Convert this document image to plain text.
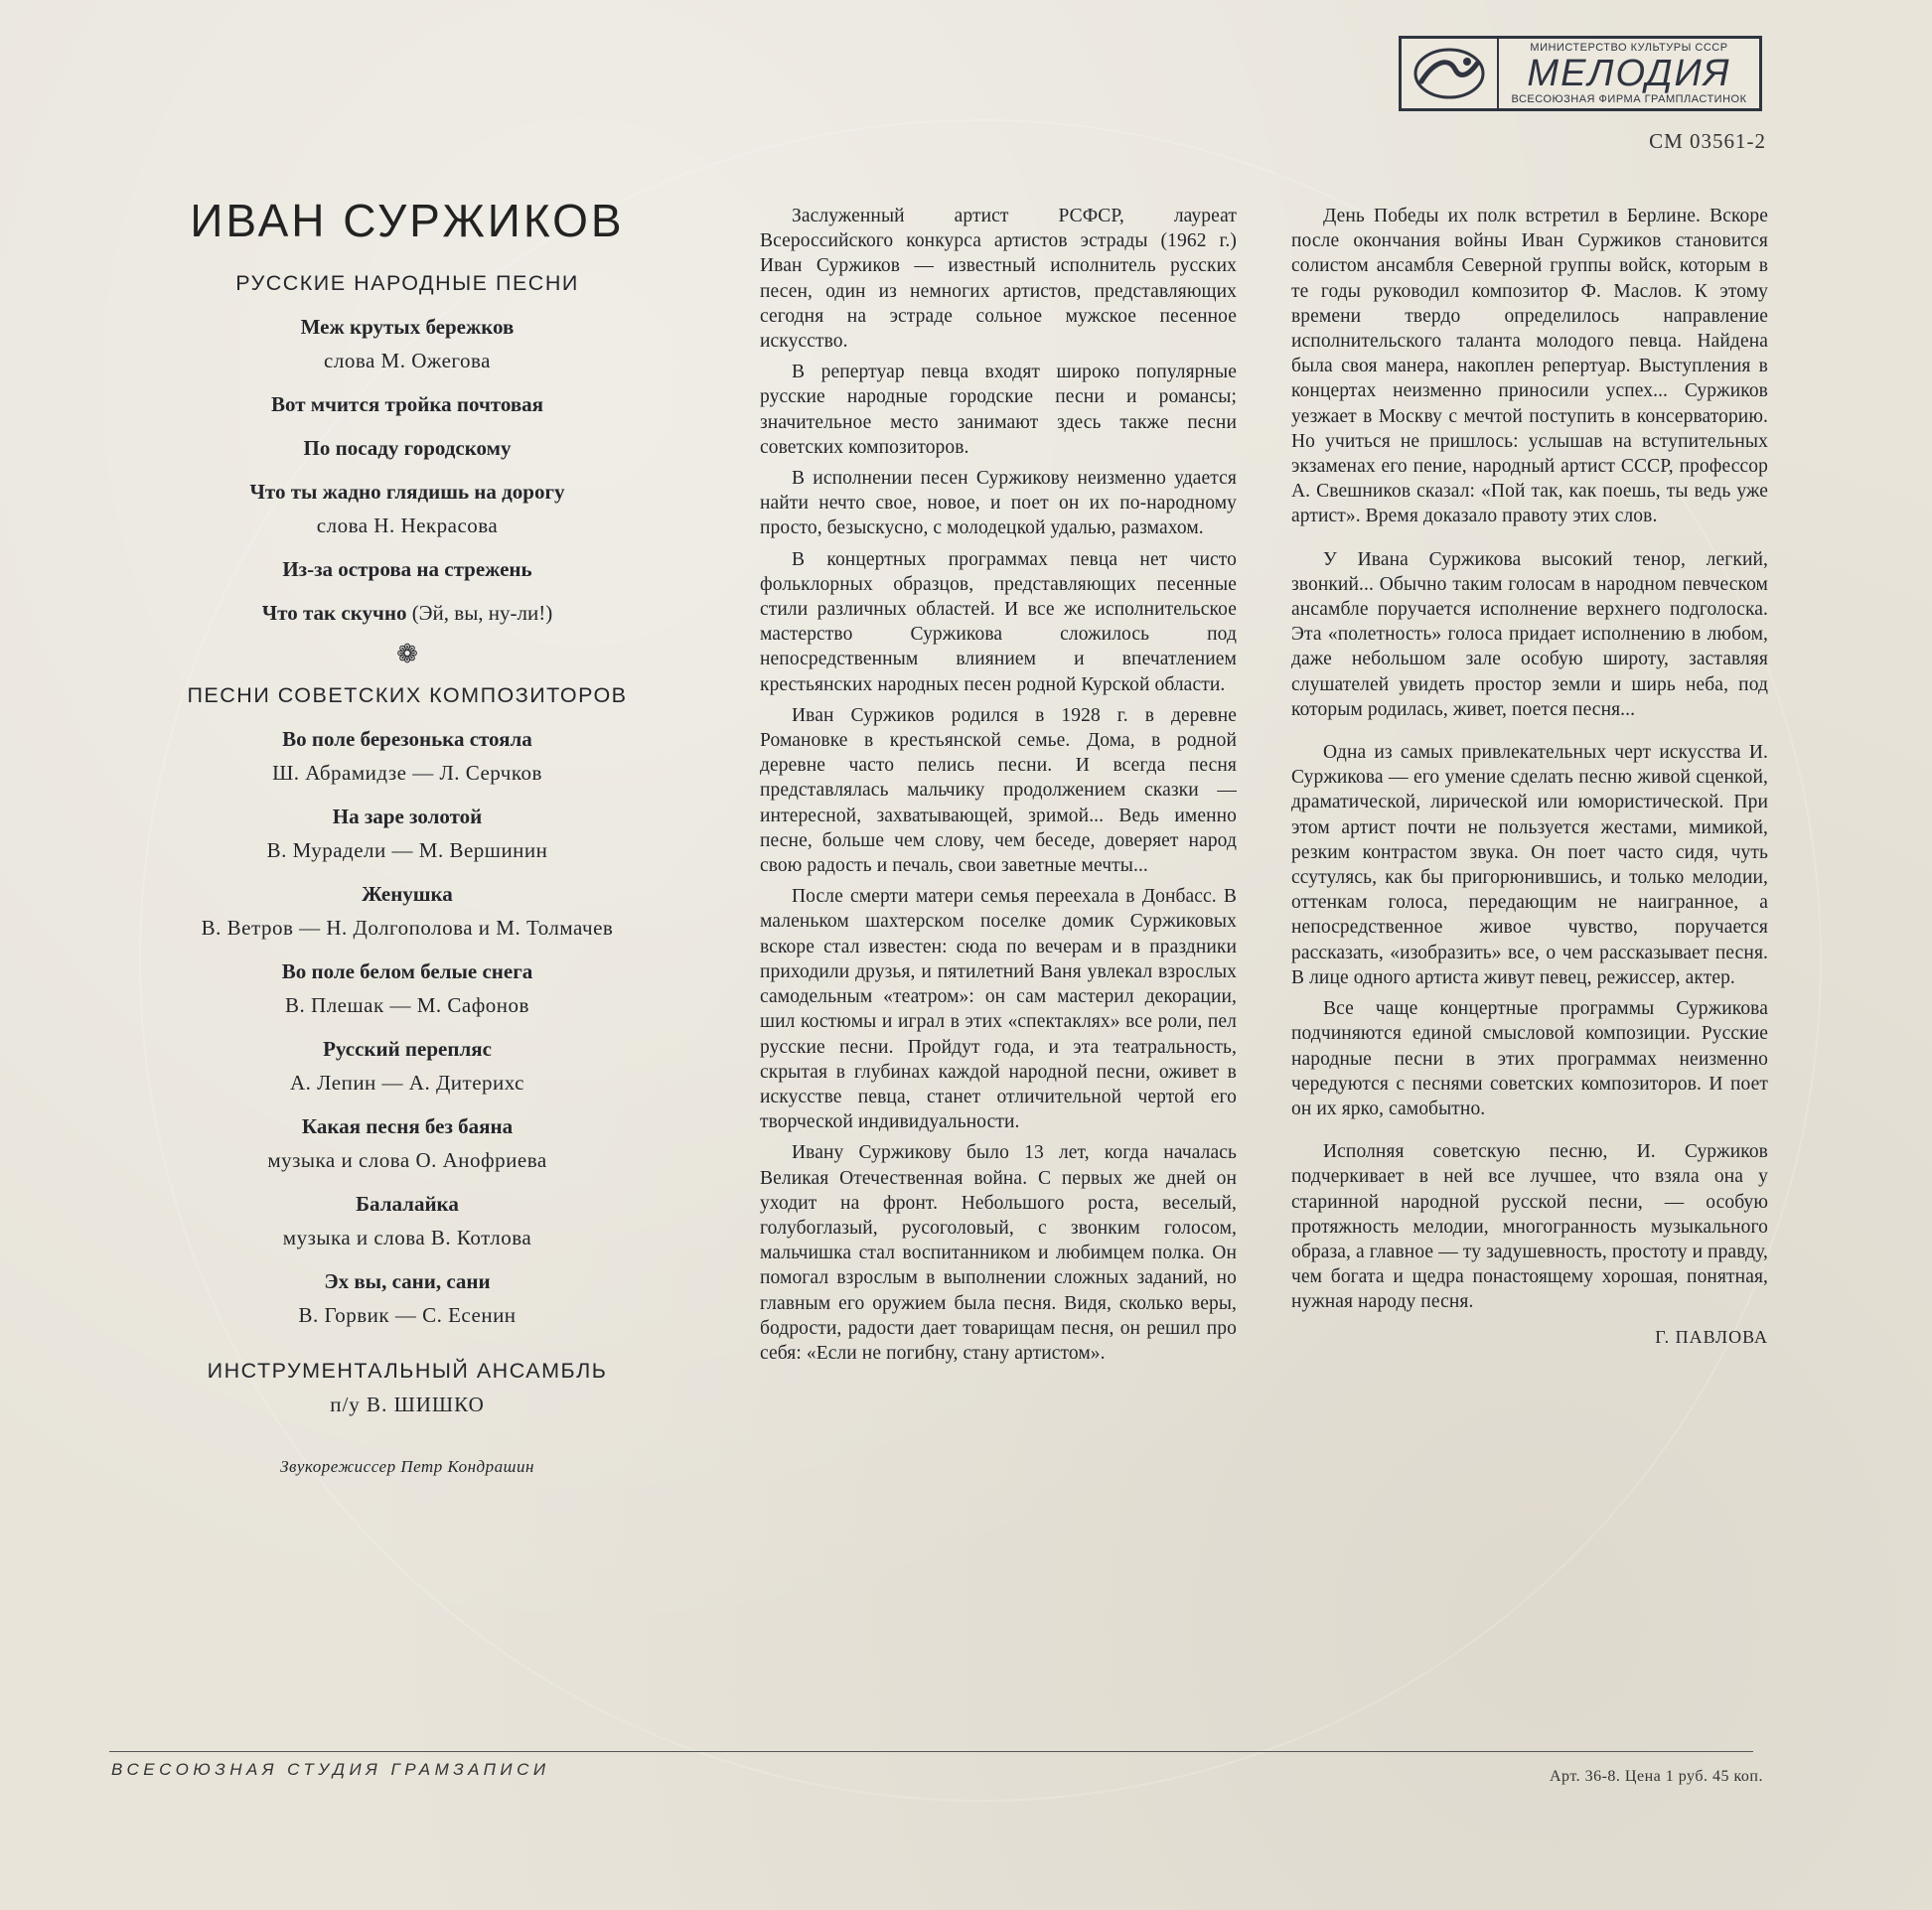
МИНИСТЕРСТВО КУЛЬТУРЫ СССР
МЕЛОДИЯ
ВСЕСОЮЗНАЯ ФИРМА ГРАМПЛАСТИНОК
СМ 03561-2
ИВАН СУРЖИКОВ
РУССКИЕ НАРОДНЫЕ ПЕСНИ
Меж крутых бережков
слова М. Ожегова
Вот мчится тройка почтовая
По посаду городскому
Что ты жадно глядишь на дорогу
слова Н. Некрасова
Из-за острова на стрежень
Что так скучно (Эй, вы, ну-ли!)
❁
ПЕСНИ СОВЕТСКИХ КОМПОЗИТОРОВ
Во поле березонька стояла
Ш. Абрамидзе — Л. Серчков
На заре золотой
В. Мурадели — М. Вершинин
Женушка
В. Ветров — Н. Долгополова и М. Толмачев
Во поле белом белые снега
В. Плешак — М. Сафонов
Русский перепляс
А. Лепин — А. Дитерихс
Какая песня без баяна
музыка и слова О. Анофриева
Балалайка
музыка и слова В. Котлова
Эх вы, сани, сани
В. Горвик — С. Есенин
ИНСТРУМЕНТАЛЬНЫЙ АНСАМБЛЬ
п/у В. ШИШКО
Звукорежиссер Петр Кондрашин

Заслуженный артист РСФСР, лауреат Всероссийского конкурса артистов эстрады (1962 г.) Иван Суржиков — известный исполнитель русских песен, один из немногих артистов, представляющих сегодня на эстраде сольное мужское песенное искусство.

В репертуар певца входят широко популярные русские народные городские песни и романсы; значительное место занимают здесь также песни советских композиторов.

В исполнении песен Суржикову неизменно удается найти нечто свое, новое, и поет он их по-народному просто, безыскусно, с молодецкой удалью, размахом.

В концертных программах певца нет чисто фольклорных образцов, представляющих песенные стили различных областей. И все же исполнительское мастерство Суржикова сложилось под непосредственным влиянием и впечатлением крестьянских народных песен родной Курской области.

Иван Суржиков родился в 1928 г. в деревне Романовке в крестьянской семье. Дома, в родной деревне часто пелись песни. И всегда песня представлялась мальчику продолжением сказки — интересной, захватывающей, зримой... Ведь именно песне, больше чем слову, чем беседе, доверяет народ свою радость и печаль, свои заветные мечты...

После смерти матери семья переехала в Донбасс. В маленьком шахтерском поселке домик Суржиковых вскоре стал известен: сюда по вечерам и в праздники приходили друзья, и пятилетний Ваня увлекал взрослых самодельным «театром»: он сам мастерил декорации, шил костюмы и играл в этих «спектаклях» все роли, пел русские песни. Пройдут года, и эта театральность, скрытая в глубинах каждой народной песни, оживет в искусстве певца, станет отличительной чертой его творческой индивидуальности.

Ивану Суржикову было 13 лет, когда началась Великая Отечественная война. С первых же дней он уходит на фронт. Небольшого роста, веселый, голубоглазый, русоголовый, с звонким голосом, мальчишка стал воспитанником и любимцем полка. Он помогал взрослым в выполнении сложных заданий, но главным его оружием была песня. Видя, сколько веры, бодрости, радости дает товарищам песня, он решил про себя: «Если не погибну, стану артистом».

День Победы их полк встретил в Берлине. Вскоре после окончания войны Иван Суржиков становится солистом ансамбля Северной группы войск, которым в те годы руководил композитор Ф. Маслов. К этому времени твердо определилось направление исполнительского таланта молодого певца. Найдена была своя манера, накоплен репертуар. Выступления в концертах неизменно приносили успех... Суржиков уезжает в Москву с мечтой поступить в консерваторию. Но учиться не пришлось: услышав на вступительных экзаменах его пение, народный артист СССР, профессор А. Свешников сказал: «Пой так, как поешь, ты ведь уже артист». Время доказало правоту этих слов.

У Ивана Суржикова высокий тенор, легкий, звонкий... Обычно таким голосам в народном певческом ансамбле поручается исполнение верхнего подголоска. Эта «полетность» голоса придает исполнению в любом, даже небольшом зале особую широту, заставляя слушателей увидеть простор земли и ширь неба, под которым родилась, живет, поется песня...

Одна из самых привлекательных черт искусства И. Суржикова — его умение сделать песню живой сценкой, драматической, лирической или юмористической. При этом артист почти не пользуется жестами, мимикой, резким контрастом звука. Он поет часто сидя, чуть ссутулясь, как бы пригорюнившись, и только мелодии, оттенкам голоса, передающим не наигранное, а непосредственное живое чувство, поручается рассказать, «изобразить» все, о чем рассказывает песня. В лице одного артиста живут певец, режиссер, актер.

Все чаще концертные программы Суржикова подчиняются единой смысловой композиции. Русские народные песни в этих программах неизменно чередуются с песнями советских композиторов. И поет он их ярко, самобытно.

Исполняя советскую песню, И. Суржиков подчеркивает в ней все лучшее, что взяла она у старинной народной русской песни, — особую протяжность мелодии, многогранность музыкального образа, а главное — ту задушевность, простоту и правду, чем богата и щедра понастоящему хорошая, понятная, нужная народу песня.

Г. ПАВЛОВА
ВСЕСОЮЗНАЯ СТУДИЯ ГРАМЗАПИСИ	Арт. 36-8. Цена 1 руб. 45 коп.
